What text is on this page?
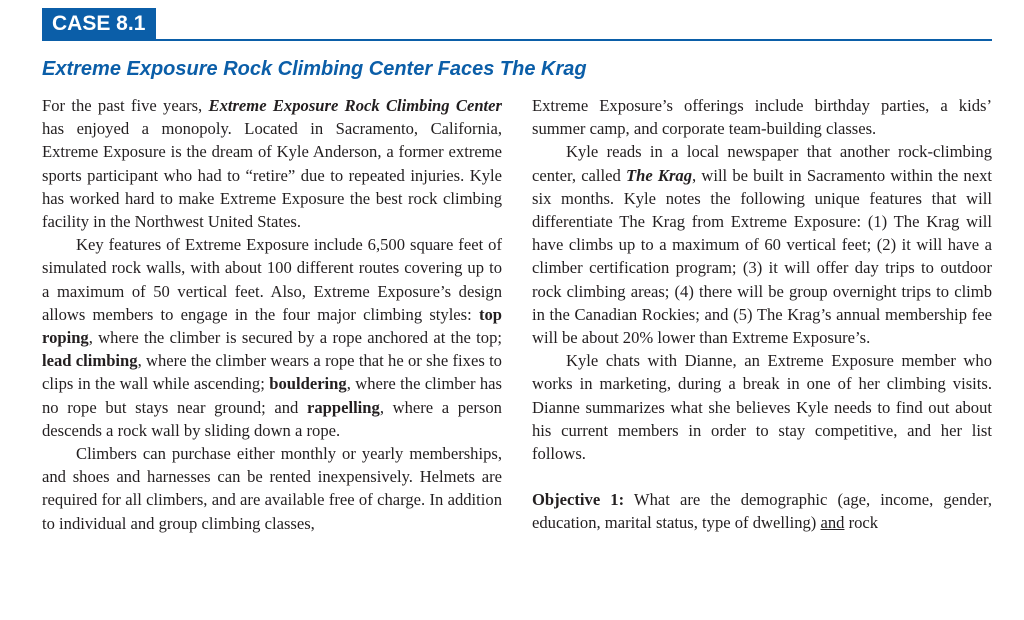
CASE 8.1
Extreme Exposure Rock Climbing Center Faces The Krag

For the past five years, Extreme Exposure Rock Climbing Center has enjoyed a monopoly. Located in Sacramento, California, Extreme Exposure is the dream of Kyle Anderson, a former extreme sports participant who had to “retire” due to repeated injuries. Kyle has worked hard to make Extreme Exposure the best rock climbing facility in the Northwest United States.

Key features of Extreme Exposure include 6,500 square feet of simulated rock walls, with about 100 different routes covering up to a maximum of 50 vertical feet. Also, Extreme Exposure’s design allows members to engage in the four major climbing styles: top roping, where the climber is secured by a rope anchored at the top; lead climbing, where the climber wears a rope that he or she fixes to clips in the wall while ascending; bouldering, where the climber has no rope but stays near ground; and rappelling, where a person descends a rock wall by sliding down a rope.

Climbers can purchase either monthly or yearly memberships, and shoes and harnesses can be rented inexpensively. Helmets are required for all climbers, and are available free of charge. In addition to individual and group climbing classes,

Extreme Exposure’s offerings include birthday parties, a kids’ summer camp, and corporate team-building classes.

Kyle reads in a local newspaper that another rock-climbing center, called The Krag, will be built in Sacramento within the next six months. Kyle notes the following unique features that will differentiate The Krag from Extreme Exposure: (1) The Krag will have climbs up to a maximum of 60 vertical feet; (2) it will have a climber certification program; (3) it will offer day trips to outdoor rock climbing areas; (4) there will be group overnight trips to climb in the Canadian Rockies; and (5) The Krag’s annual membership fee will be about 20% lower than Extreme Exposure’s.

Kyle chats with Dianne, an Extreme Exposure member who works in marketing, during a break in one of her climbing visits. Dianne summarizes what she believes Kyle needs to find out about his current members in order to stay competitive, and her list follows.

Objective 1: What are the demographic (age, income, gender, education, marital status, type of dwelling) and rock
